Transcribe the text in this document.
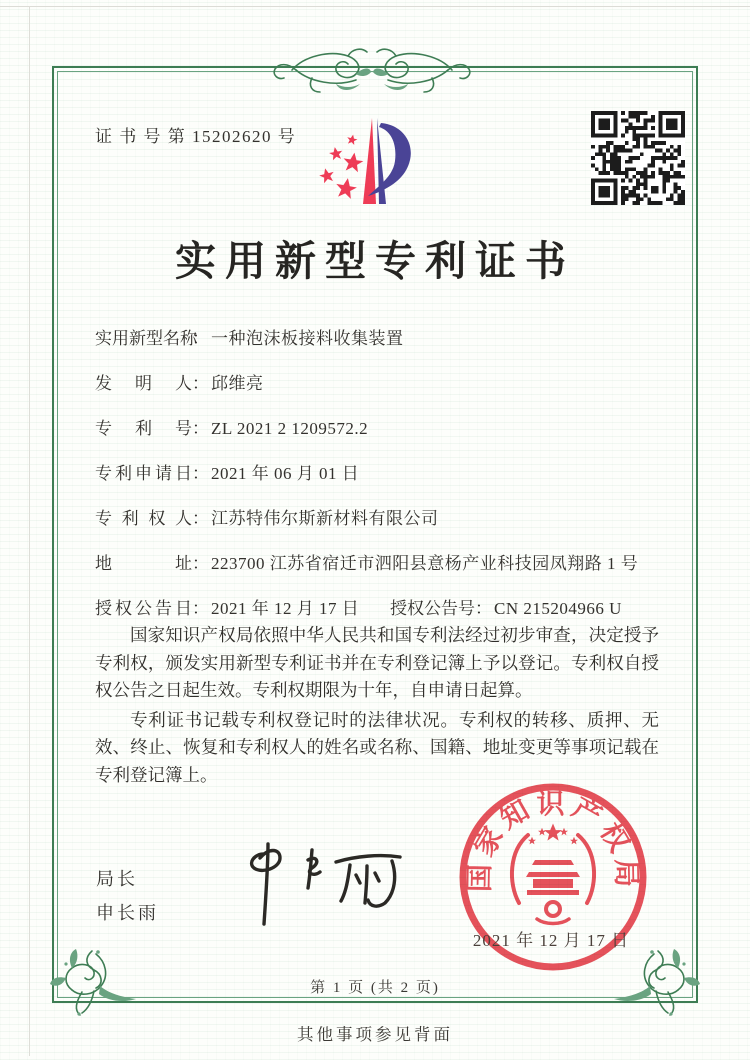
证 书 号 第 15202620 号
实用新型专利证书
实用新型名称： 一种泡沫板接料收集装置
发明人： 邱维亮
专利号： ZL 2021 2 1209572.2
专利申请日： 2021 年 06 月 01 日
专利权人： 江苏特伟尔斯新材料有限公司
地址： 223700 江苏省宿迁市泗阳县意杨产业科技园凤翔路 1 号
授权公告日： 2021 年 12 月 17 日 授权公告号： CN 215204966 U

国家知识产权局依照中华人民共和国专利法经过初步审查，决定授予专利权，颁发实用新型专利证书并在专利登记簿上予以登记。专利权自授权公告之日起生效。专利权期限为十年，自申请日起算。

专利证书记载专利权登记时的法律状况。专利权的转移、质押、无效、终止、恢复和专利权人的姓名或名称、国籍、地址变更等事项记载在专利登记簿上。

局长
申长雨
国家知识产权局
2021 年 12 月 17 日
第 1 页 (共 2 页)
其他事项参见背面
